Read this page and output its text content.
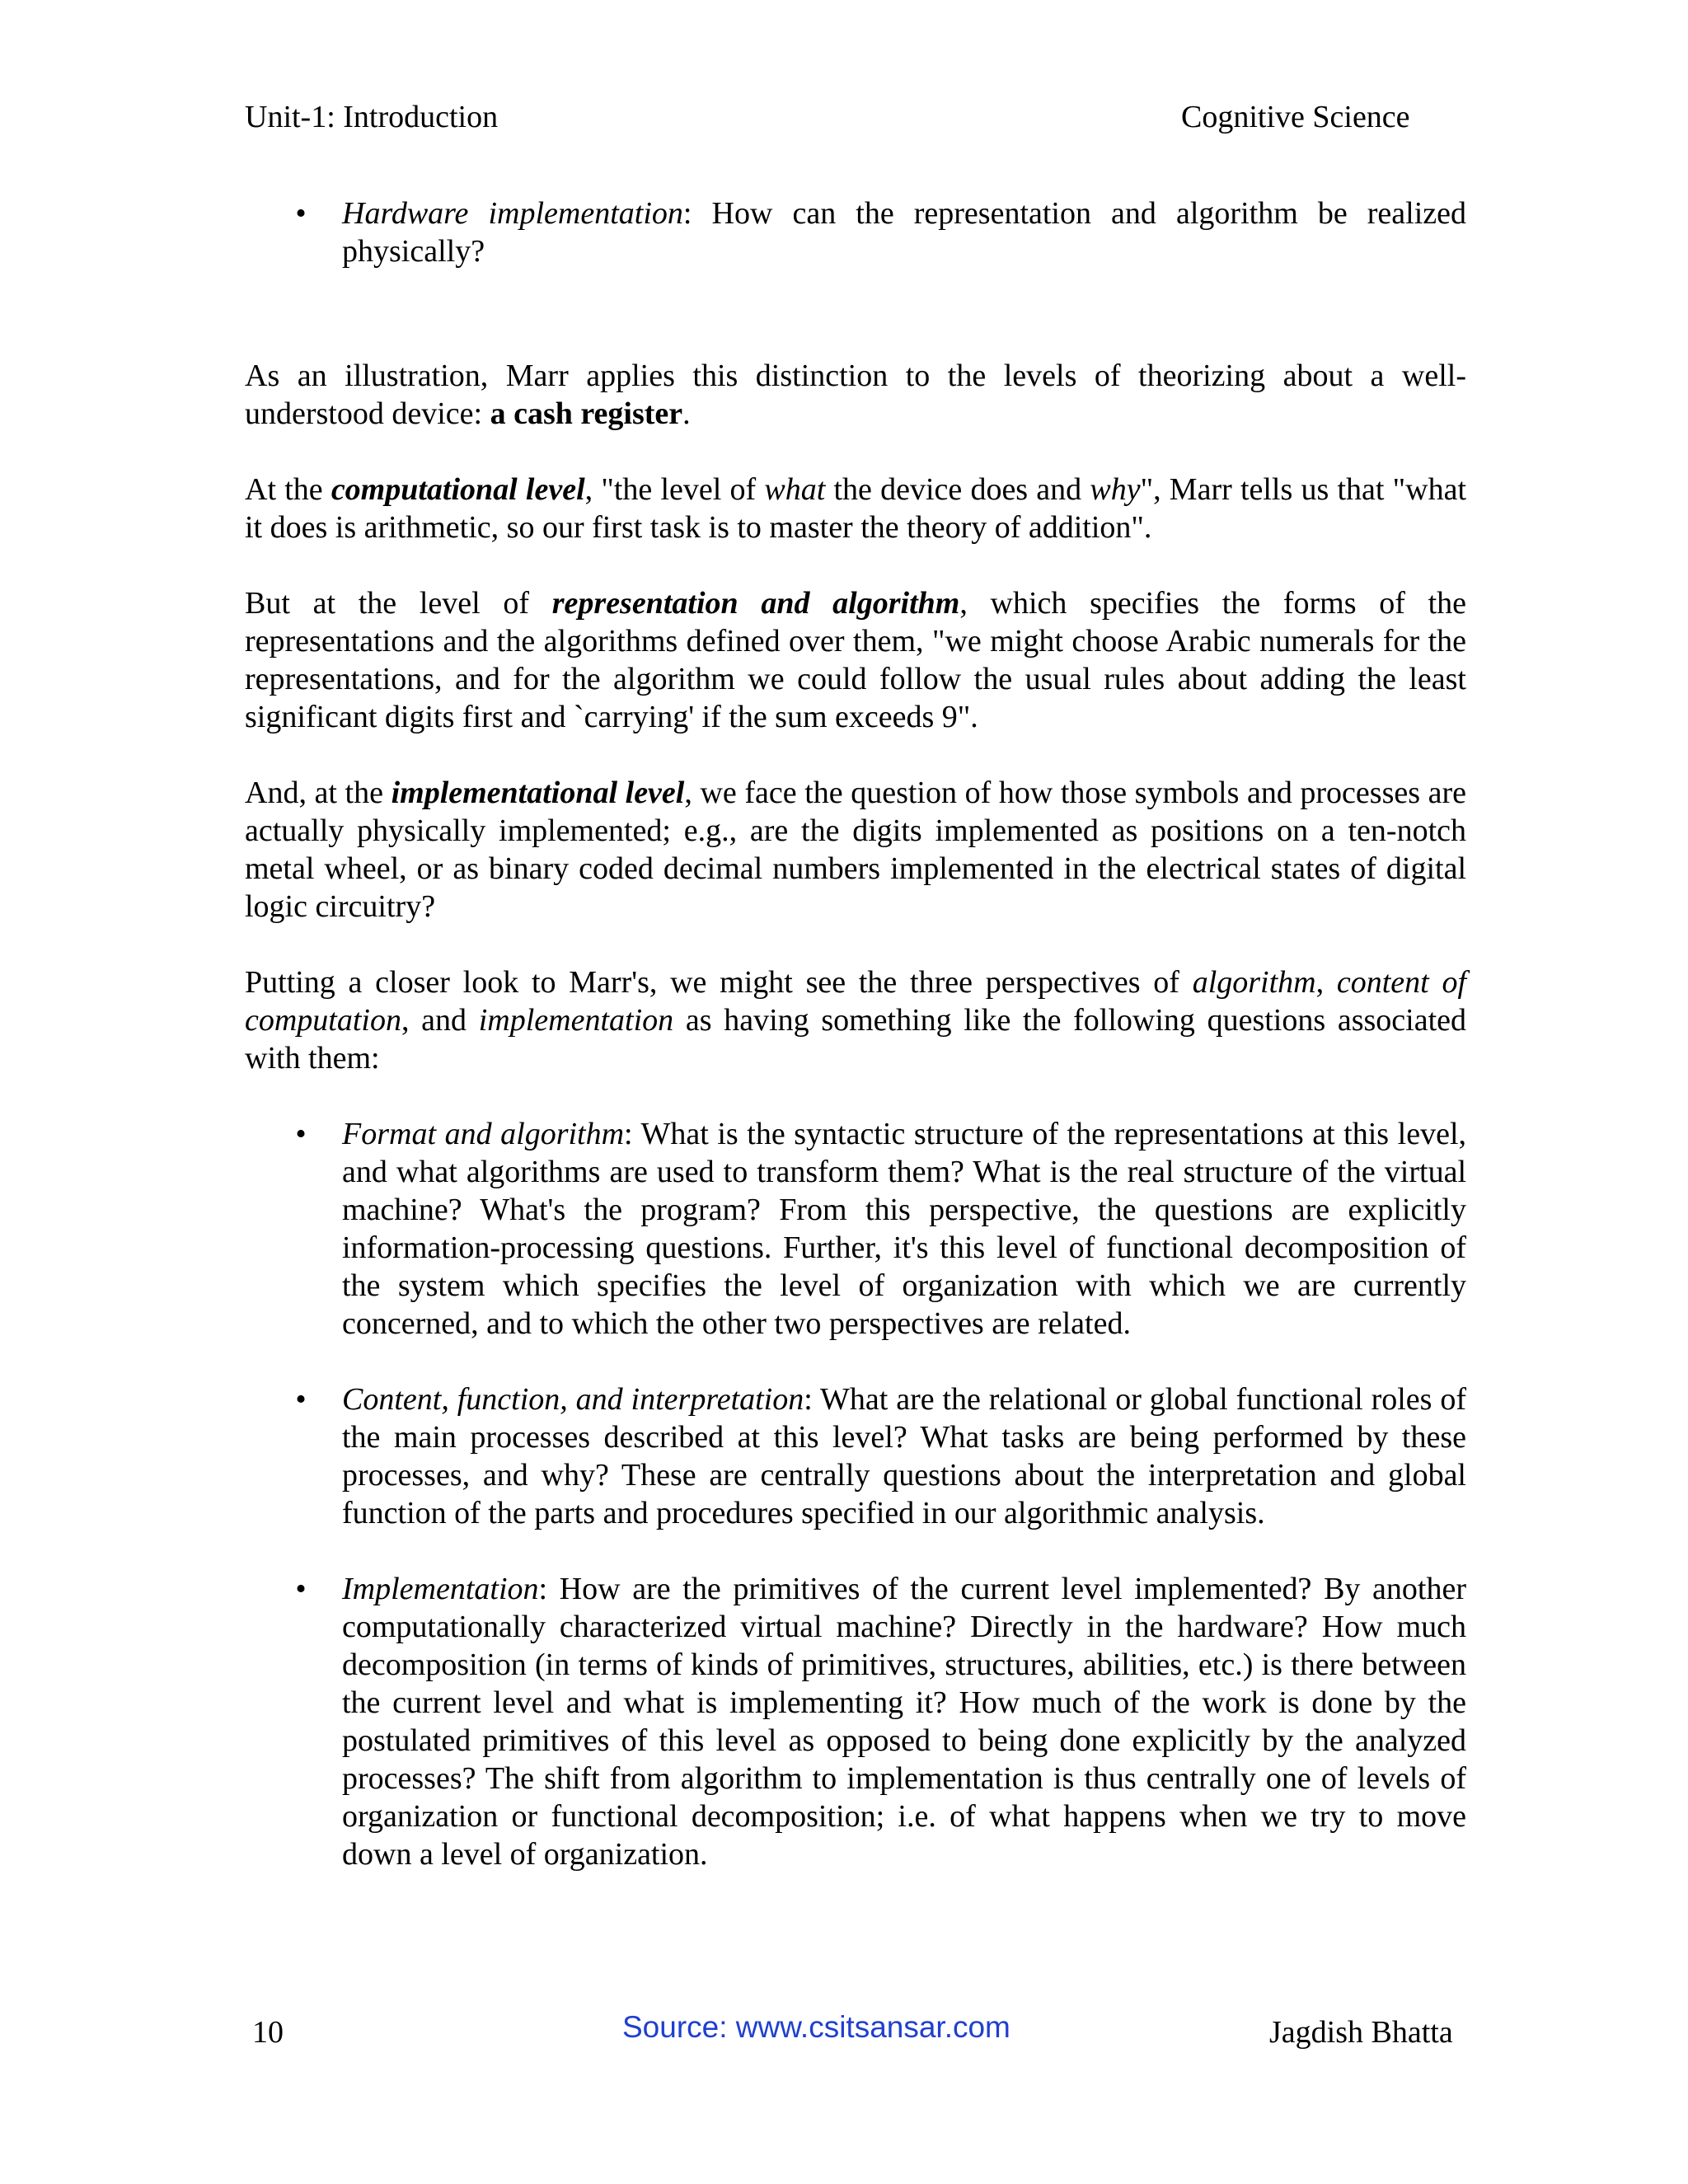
Unit-1: Introduction	Cognitive Science
• Hardware implementation: How can the representation and algorithm be realized physically?

As an illustration, Marr applies this distinction to the levels of theorizing about a well-understood device: a cash register.

At the computational level, "the level of what the device does and why", Marr tells us that "what it does is arithmetic, so our first task is to master the theory of addition".

But at the level of representation and algorithm, which specifies the forms of the representations and the algorithms defined over them, "we might choose Arabic numerals for the representations, and for the algorithm we could follow the usual rules about adding the least significant digits first and `carrying' if the sum exceeds 9".

And, at the implementational level, we face the question of how those symbols and processes are actually physically implemented; e.g., are the digits implemented as positions on a ten-notch metal wheel, or as binary coded decimal numbers implemented in the electrical states of digital logic circuitry?

Putting a closer look to Marr's, we might see the three perspectives of algorithm, content of computation, and implementation as having something like the following questions associated with them:

• Format and algorithm: What is the syntactic structure of the representations at this level, and what algorithms are used to transform them? What is the real structure of the virtual machine? What's the program? From this perspective, the questions are explicitly information-processing questions. Further, it's this level of functional decomposition of the system which specifies the level of organization with which we are currently concerned, and to which the other two perspectives are related.
• Content, function, and interpretation: What are the relational or global functional roles of the main processes described at this level? What tasks are being performed by these processes, and why? These are centrally questions about the interpretation and global function of the parts and procedures specified in our algorithmic analysis.
• Implementation: How are the primitives of the current level implemented? By another computationally characterized virtual machine? Directly in the hardware? How much decomposition (in terms of kinds of primitives, structures, abilities, etc.) is there between the current level and what is implementing it? How much of the work is done by the postulated primitives of this level as opposed to being done explicitly by the analyzed processes? The shift from algorithm to implementation is thus centrally one of levels of organization or functional decomposition; i.e. of what happens when we try to move down a level of organization.
10	Source: www.csitsansar.com	Jagdish Bhatta
